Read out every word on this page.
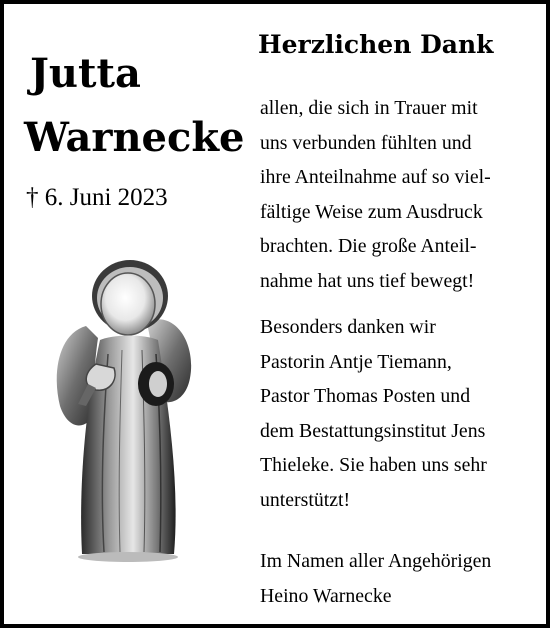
Jutta
Warnecke
† 6. Juni 2023
Herzlichen Dank
allen, die sich in Trauer mit
uns verbunden fühlten und
ihre Anteilnahme auf so viel-
fältige Weise zum Ausdruck
brachten. Die große Anteil-
nahme hat uns tief bewegt!
Besonders danken wir
Pastorin Antje Tiemann,
Pastor Thomas Posten und
dem Bestattungsinstitut Jens
Thieleke. Sie haben uns sehr
unterstützt!
Im Namen aller Angehörigen
Heino Warnecke
